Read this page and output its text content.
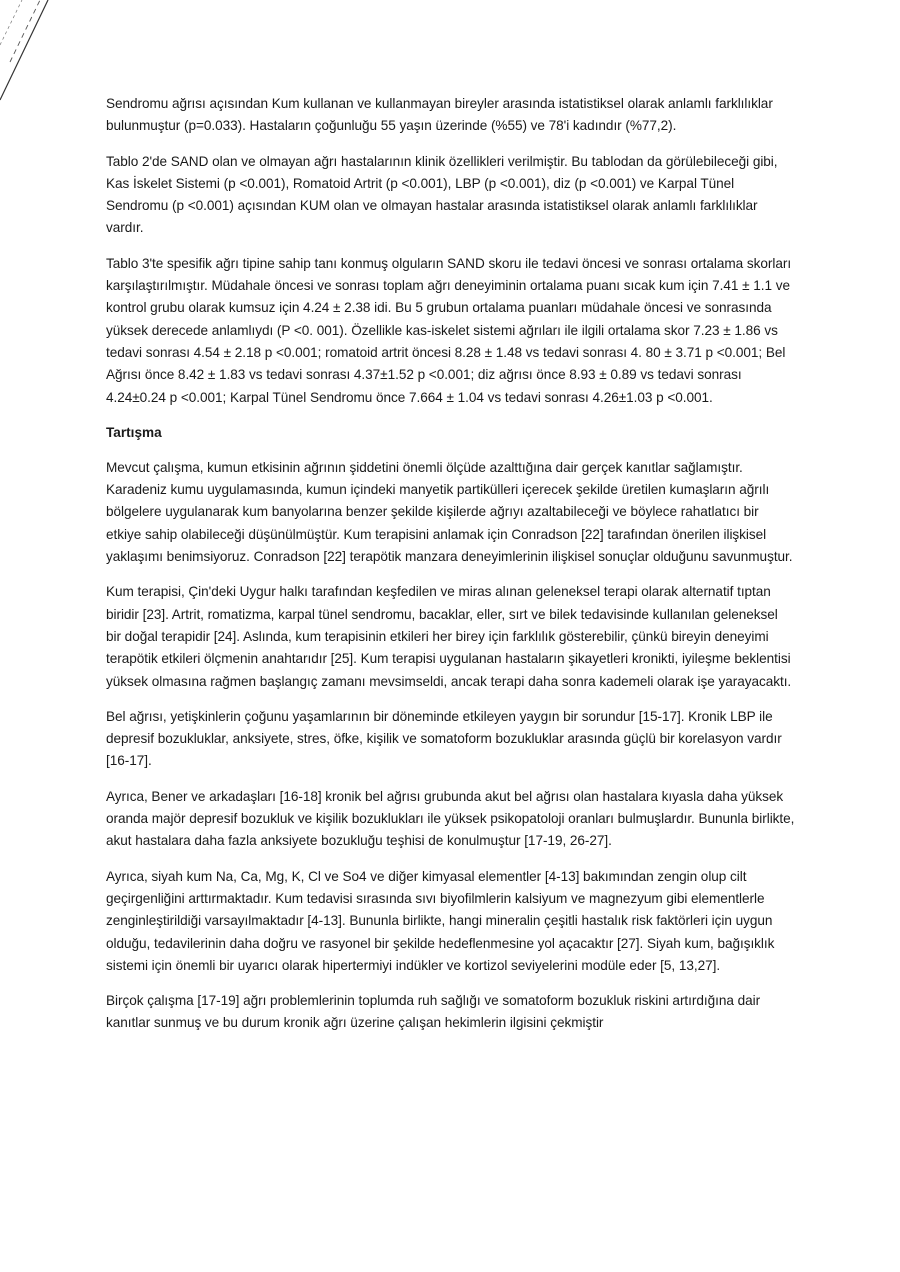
Sendromu ağrısı açısından Kum kullanan ve kullanmayan bireyler arasında istatistiksel olarak anlamlı farklılıklar bulunmuştur (p=0.033). Hastaların çoğunluğu 55 yaşın üzerinde (%55) ve 78'i kadındır (%77,2).

Tablo 2'de SAND olan ve olmayan ağrı hastalarının klinik özellikleri verilmiştir. Bu tablodan da görülebileceği gibi, Kas İskelet Sistemi (p <0.001), Romatoid Artrit (p <0.001), LBP (p <0.001), diz (p <0.001) ve Karpal Tünel Sendromu (p <0.001) açısından KUM olan ve olmayan hastalar arasında istatistiksel olarak anlamlı farklılıklar vardır.

Tablo 3'te spesifik ağrı tipine sahip tanı konmuş olguların SAND skoru ile tedavi öncesi ve sonrası ortalama skorları karşılaştırılmıştır. Müdahale öncesi ve sonrası toplam ağrı deneyiminin ortalama puanı sıcak kum için 7.41 ± 1.1 ve kontrol grubu olarak kumsuz için 4.24 ± 2.38 idi. Bu 5 grubun ortalama puanları müdahale öncesi ve sonrasında yüksek derecede anlamlıydı (P <0. 001). Özellikle kas-iskelet sistemi ağrıları ile ilgili ortalama skor 7.23 ± 1.86 vs tedavi sonrası 4.54 ± 2.18 p <0.001; romatoid artrit öncesi 8.28 ± 1.48 vs tedavi sonrası 4. 80 ± 3.71 p <0.001; Bel Ağrısı önce 8.42 ± 1.83 vs tedavi sonrası 4.37±1.52 p <0.001; diz ağrısı önce 8.93 ± 0.89 vs tedavi sonrası 4.24±0.24 p <0.001; Karpal Tünel Sendromu önce 7.664 ± 1.04 vs tedavi sonrası 4.26±1.03 p <0.001.

Tartışma

Mevcut çalışma, kumun etkisinin ağrının şiddetini önemli ölçüde azalttığına dair gerçek kanıtlar sağlamıştır. Karadeniz kumu uygulamasında, kumun içindeki manyetik partikülleri içerecek şekilde üretilen kumaşların ağrılı bölgelere uygulanarak kum banyolarına benzer şekilde kişilerde ağrıyı azaltabileceği ve böylece rahatlatıcı bir etkiye sahip olabileceği düşünülmüştür. Kum terapisini anlamak için Conradson [22] tarafından önerilen ilişkisel yaklaşımı benimsiyoruz. Conradson [22] terapötik manzara deneyimlerinin ilişkisel sonuçlar olduğunu savunmuştur.

Kum terapisi, Çin'deki Uygur halkı tarafından keşfedilen ve miras alınan geleneksel terapi olarak alternatif tıptan biridir [23]. Artrit, romatizma, karpal tünel sendromu, bacaklar, eller, sırt ve bilek tedavisinde kullanılan geleneksel bir doğal terapidir [24]. Aslında, kum terapisinin etkileri her birey için farklılık gösterebilir, çünkü bireyin deneyimi terapötik etkileri ölçmenin anahtarıdır [25]. Kum terapisi uygulanan hastaların şikayetleri kronikti, iyileşme beklentisi yüksek olmasına rağmen başlangıç zamanı mevsimseldi, ancak terapi daha sonra kademeli olarak işe yarayacaktı.

Bel ağrısı, yetişkinlerin çoğunu yaşamlarının bir döneminde etkileyen yaygın bir sorundur [15-17]. Kronik LBP ile depresif bozukluklar, anksiyete, stres, öfke, kişilik ve somatoform bozukluklar arasında güçlü bir korelasyon vardır [16-17].

Ayrıca, Bener ve arkadaşları [16-18] kronik bel ağrısı grubunda akut bel ağrısı olan hastalara kıyasla daha yüksek oranda majör depresif bozukluk ve kişilik bozuklukları ile yüksek psikopatoloji oranları bulmuşlardır. Bununla birlikte, akut hastalara daha fazla anksiyete bozukluğu teşhisi de konulmuştur [17-19, 26-27].

Ayrıca, siyah kum Na, Ca, Mg, K, Cl ve So4 ve diğer kimyasal elementler [4-13] bakımından zengin olup cilt geçirgenliğini arttırmaktadır. Kum tedavisi sırasında sıvı biyofilmlerin kalsiyum ve magnezyum gibi elementlerle zenginleştirildiği varsayılmaktadır [4-13]. Bununla birlikte, hangi mineralin çeşitli hastalık risk faktörleri için uygun olduğu, tedavilerinin daha doğru ve rasyonel bir şekilde hedeflenmesine yol açacaktır [27]. Siyah kum, bağışıklık sistemi için önemli bir uyarıcı olarak hipertermiyi indükler ve kortizol seviyelerini modüle eder [5, 13,27].

Birçok çalışma [17-19] ağrı problemlerinin toplumda ruh sağlığı ve somatoform bozukluk riskini artırdığına dair kanıtlar sunmuş ve bu durum kronik ağrı üzerine çalışan hekimlerin ilgisini çekmiştir
